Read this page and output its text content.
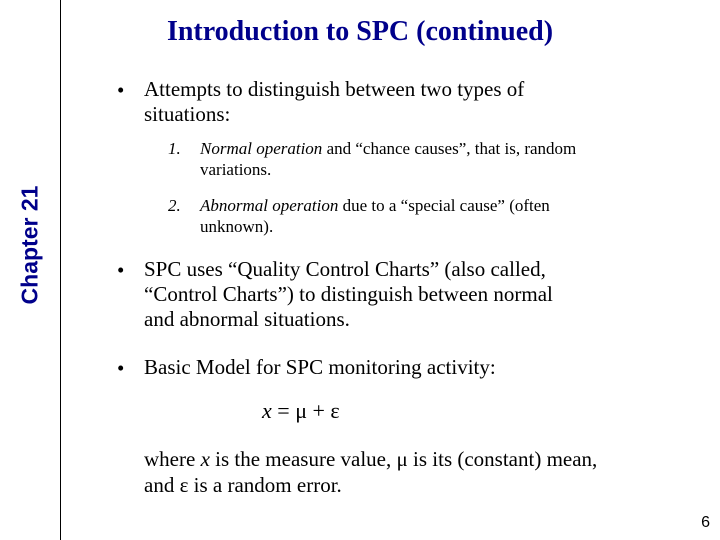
Chapter 21
Introduction to SPC (continued)
• Attempts to distinguish between two types of
situations:
1. Normal operation and “chance causes”, that is, random
variations.
2. Abnormal operation due to a “special cause” (often
unknown).
• SPC uses “Quality Control Charts” (also called,
“Control Charts”) to distinguish between normal
and abnormal situations.
• Basic Model for SPC monitoring activity:
x = μ + ε
where x is the measure value, μ is its (constant) mean, and ε is a random error.
6
